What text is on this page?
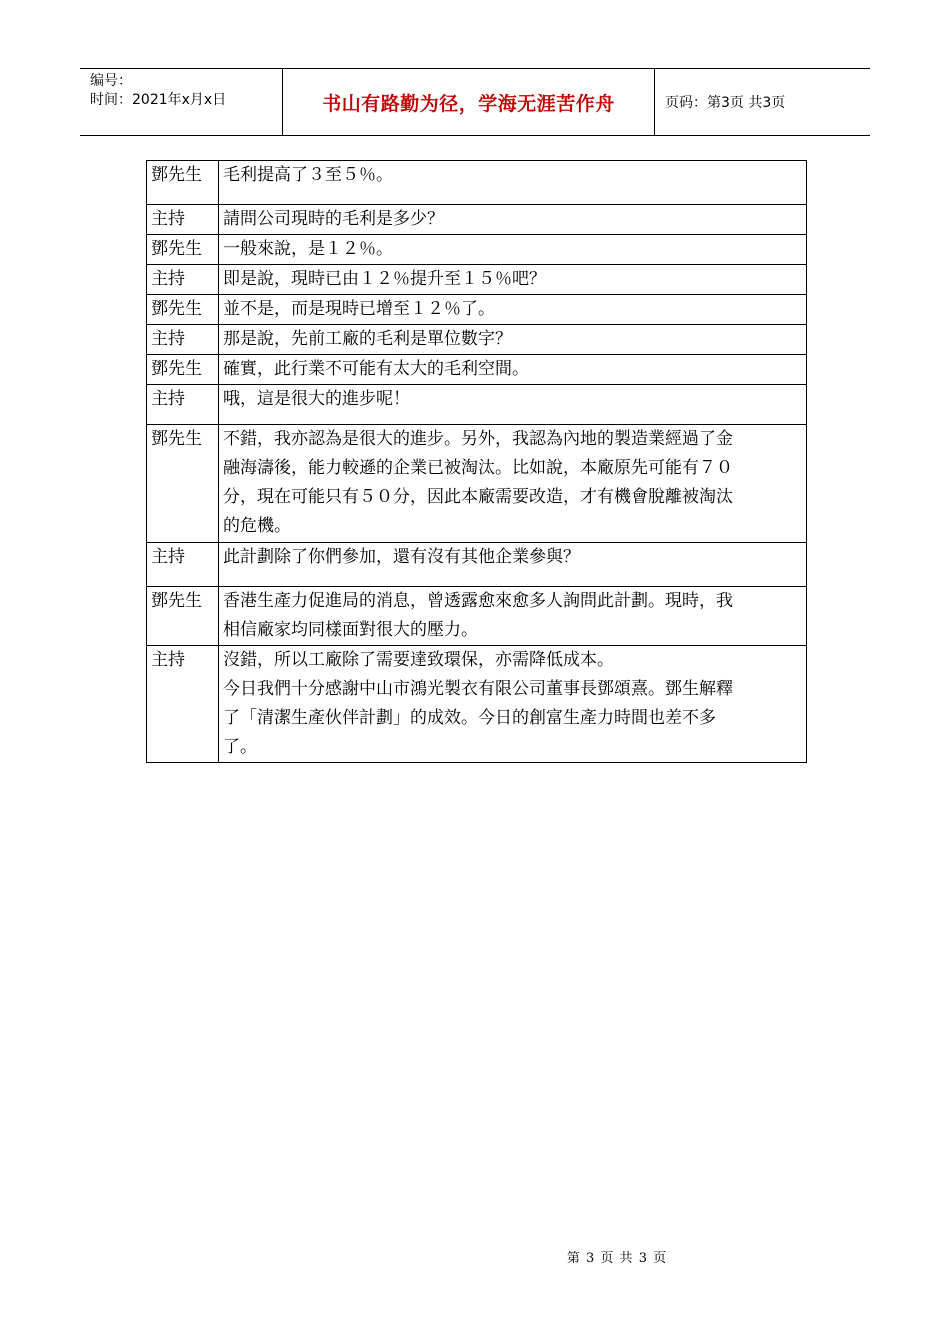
编号：
时间：2021年x月x日	书山有路勤为径，学海无涯苦作舟	页码：第3页 共3页
鄧先生	毛利提高了３至５％。

主持	請問公司現時的毛利是多少？

鄧先生	一般來說，是１２％。

主持	即是說，現時已由１２％提升至１５％吧？

鄧先生	並不是，而是現時已增至１２％了。

主持	那是說，先前工廠的毛利是單位數字？

鄧先生	確實，此行業不可能有太大的毛利空間。

主持	哦，這是很大的進步呢！

鄧先生	不錯，我亦認為是很大的進步。另外，我認為內地的製造業經過了金
融海濤後，能力較遜的企業已被淘汰。比如說，本廠原先可能有７０
分，現在可能只有５０分，因此本廠需要改造，才有機會脫離被淘汰
的危機。

主持	此計劃除了你們參加，還有沒有其他企業參與？

鄧先生	香港生產力促進局的消息，曾透露愈來愈多人詢問此計劃。現時，我
相信廠家均同樣面對很大的壓力。

主持	沒錯，所以工廠除了需要達致環保，亦需降低成本。
今日我們十分感謝中山市鴻光製衣有限公司董事長鄧頌熹。鄧生解釋
了「清潔生產伙伴計劃」的成效。今日的創富生產力時間也差不多
了。
第 3 页 共 3 页
